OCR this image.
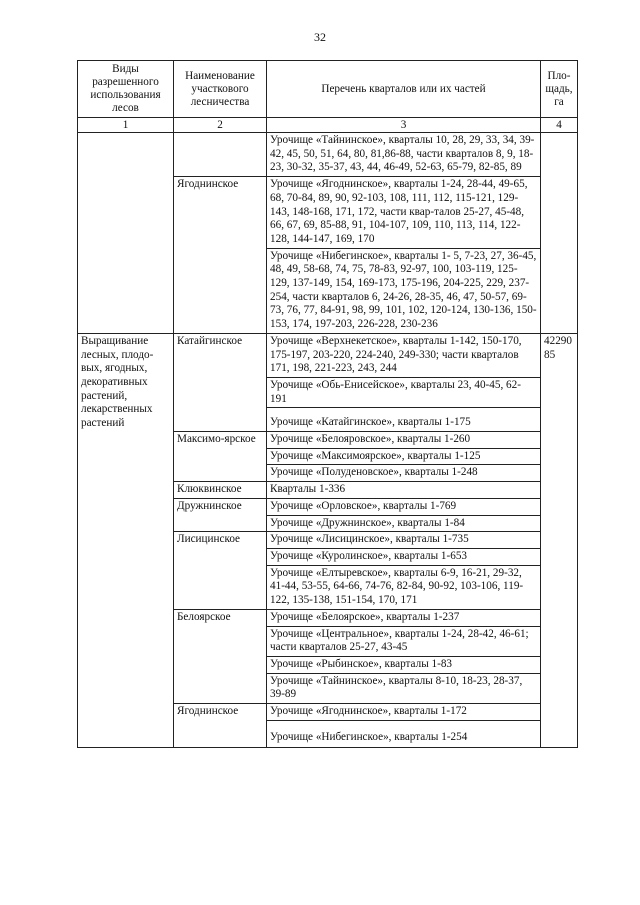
32
Виды разрешенного использования лесов	Наименование участкового лесничества	Перечень кварталов или их частей	Пло-щадь, га
1	2	3	4
		Урочище «Тайнинское», кварталы 10, 28, 29, 33, 34, 39-42, 45, 50, 51, 64, 80, 81,86-88, части кварталов 8, 9, 18-23, 30-32, 35-37, 43, 44, 46-49, 52-63, 65-79, 82-85, 89	
	Ягоднинское	Урочище «Ягоднинское», кварталы 1-24, 28-44, 49-65, 68, 70-84, 89, 90, 92-103, 108, 111, 112, 115-121, 129-143, 148-168, 171, 172, части квар-талов 25-27, 45-48, 66, 67, 69, 85-88, 91, 104-107, 109, 110, 113, 114, 122-128, 144-147, 169, 170	
		Урочище «Нибегинское», кварталы 1- 5, 7-23, 27, 36-45, 48, 49, 58-68, 74, 75, 78-83, 92-97, 100, 103-119, 125-129, 137-149, 154, 169-173, 175-196, 204-225, 229, 237-254, части кварталов 6, 24-26, 28-35, 46, 47, 50-57, 69-73, 76, 77, 84-91, 98, 99, 101, 102, 120-124, 130-136, 150-153, 174, 197-203, 226-228, 230-236	
Выращивание лесных, плодо-вых, ягодных, декоративных растений, лекарственных растений	Катайгинское	Урочище «Верхнекетское», кварталы 1-142, 150-170, 175-197, 203-220, 224-240, 249-330; части кварталов 171, 198, 221-223, 243, 244	4229085
		Урочище «Обь-Енисейское», кварталы 23, 40-45, 62-191	
		Урочище «Катайгинское», кварталы 1-175	
	Максимо-ярское	Урочище «Белояровское», кварталы 1-260	
		Урочище «Максимоярское», кварталы 1-125	
		Урочище «Полуденовское», кварталы 1-248	
	Клюквинское	Кварталы 1-336	
	Дружнинское	Урочище «Орловское», кварталы 1-769	
		Урочище «Дружнинское», кварталы 1-84	
	Лисицинское	Урочище «Лисицинское», кварталы 1-735	
		Урочище «Куролинское», кварталы 1-653	
		Урочище «Елтыревское», кварталы 6-9, 16-21, 29-32, 41-44, 53-55, 64-66, 74-76, 82-84, 90-92, 103-106, 119-122, 135-138, 151-154, 170, 171	
	Белоярское	Урочище «Белоярское», кварталы 1-237	
		Урочище «Центральное», кварталы 1-24, 28-42, 46-61; части кварталов 25-27, 43-45	
		Урочище «Рыбинское», кварталы 1-83	
		Урочище «Тайнинское», кварталы 8-10, 18-23, 28-37, 39-89	
	Ягоднинское	Урочище «Ягоднинское», кварталы 1-172	
		Урочище «Нибегинское», кварталы 1-254	
